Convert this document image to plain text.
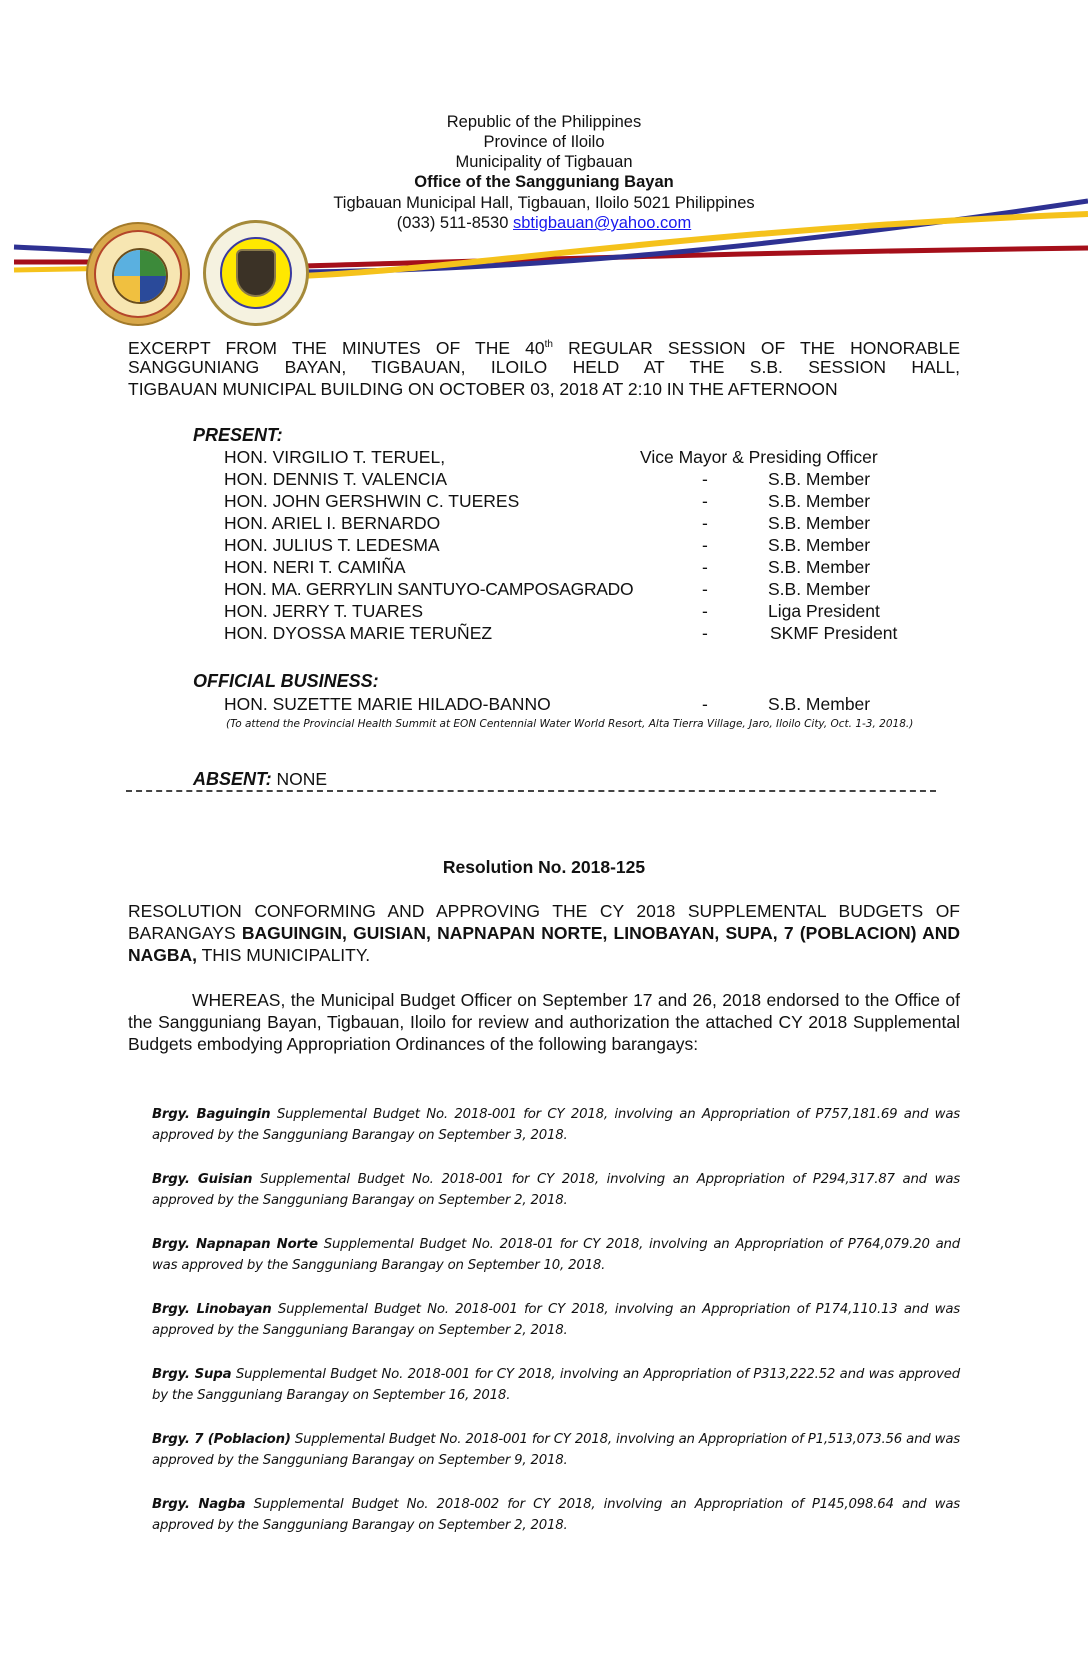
Republic of the Philippines
Province of Iloilo
Municipality of Tigbauan
Office of the Sangguniang Bayan
Tigbauan Municipal Hall, Tigbauan, Iloilo 5021 Philippines
(033) 511-8530 sbtigbauan@yahoo.com
EXCERPT FROM THE MINUTES OF THE 40th REGULAR SESSION OF THE HONORABLE
SANGGUNIANG BAYAN, TIGBAUAN, ILOILO HELD AT THE S.B. SESSION HALL,
TIGBAUAN MUNICIPAL BUILDING ON OCTOBER 03, 2018 AT 2:10 IN THE AFTERNOON
PRESENT:
HON. VIRGILIO T. TERUEL,	Vice Mayor & Presiding Officer
HON. DENNIS T. VALENCIA	-	S.B. Member
HON. JOHN GERSHWIN C. TUERES	-	S.B. Member
HON. ARIEL I. BERNARDO	-	S.B. Member
HON. JULIUS T. LEDESMA	-	S.B. Member
HON. NERI T. CAMIÑA	-	S.B. Member
HON. MA. GERRYLIN SANTUYO-CAMPOSAGRADO	-	S.B. Member
HON. JERRY T. TUARES	-	Liga President
HON. DYOSSA MARIE TERUÑEZ	-	SKMF President
OFFICIAL BUSINESS:
HON. SUZETTE MARIE HILADO-BANNO	-	S.B. Member
(To attend the Provincial Health Summit at EON Centennial Water World Resort, Alta Tierra Village, Jaro, Iloilo City, Oct. 1-3, 2018.)
ABSENT: NONE
Resolution No. 2018-125
RESOLUTION CONFORMING AND APPROVING THE CY 2018 SUPPLEMENTAL BUDGETS OF BARANGAYS BAGUINGIN, GUISIAN, NAPNAPAN NORTE, LINOBAYAN, SUPA, 7 (POBLACION) AND NAGBA, THIS MUNICIPALITY.
WHEREAS, the Municipal Budget Officer on September 17 and 26, 2018 endorsed to the Office of the Sangguniang Bayan, Tigbauan, Iloilo for review and authorization the attached CY 2018 Supplemental Budgets embodying Appropriation Ordinances of the following barangays:
Brgy. Baguingin Supplemental Budget No. 2018-001 for CY 2018, involving an Appropriation of P757,181.69 and was approved by the Sangguniang Barangay on September 3, 2018.
Brgy. Guisian Supplemental Budget No. 2018-001 for CY 2018, involving an Appropriation of P294,317.87 and was approved by the Sangguniang Barangay on September 2, 2018.
Brgy. Napnapan Norte Supplemental Budget No. 2018-01 for CY 2018, involving an Appropriation of P764,079.20 and was approved by the Sangguniang Barangay on September 10, 2018.
Brgy. Linobayan Supplemental Budget No. 2018-001 for CY 2018, involving an Appropriation of P174,110.13 and was approved by the Sangguniang Barangay on September 2, 2018.
Brgy. Supa Supplemental Budget No. 2018-001 for CY 2018, involving an Appropriation of P313,222.52 and was approved by the Sangguniang Barangay on September 16, 2018.
Brgy. 7 (Poblacion) Supplemental Budget No. 2018-001 for CY 2018, involving an Appropriation of P1,513,073.56 and was approved by the Sangguniang Barangay on September 9, 2018.
Brgy. Nagba Supplemental Budget No. 2018-002 for CY 2018, involving an Appropriation of P145,098.64 and was approved by the Sangguniang Barangay on September 2, 2018.
